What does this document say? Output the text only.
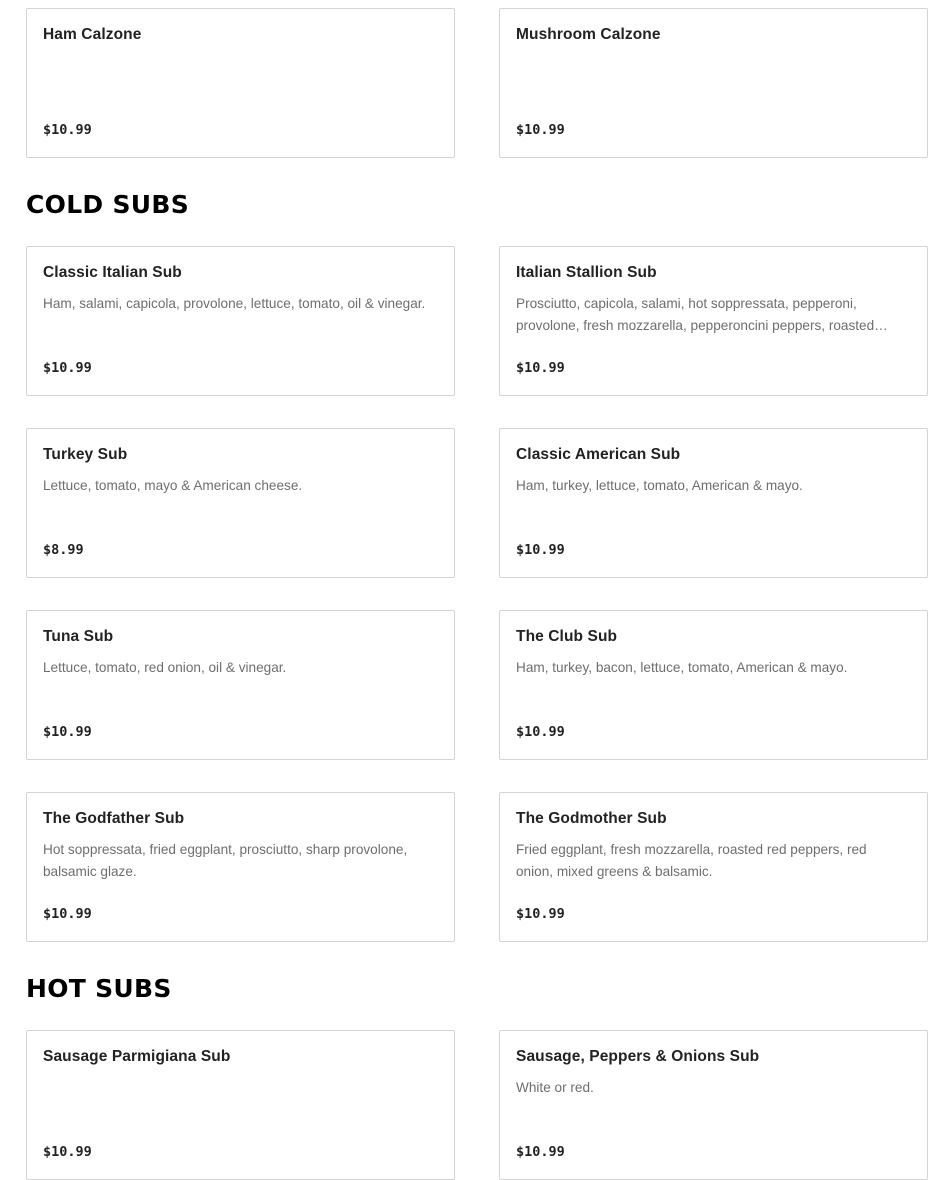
Ham Calzone
$10.99
Mushroom Calzone
$10.99
COLD SUBS
Classic Italian Sub
Ham, salami, capicola, provolone, lettuce, tomato, oil & vinegar.
$10.99
Italian Stallion Sub
Prosciutto, capicola, salami, hot soppressata, pepperoni, provolone, fresh mozzarella, pepperoncini peppers, roasted…
$10.99
Turkey Sub
Lettuce, tomato, mayo & American cheese.
$8.99
Classic American Sub
Ham, turkey, lettuce, tomato, American & mayo.
$10.99
Tuna Sub
Lettuce, tomato, red onion, oil & vinegar.
$10.99
The Club Sub
Ham, turkey, bacon, lettuce, tomato, American & mayo.
$10.99
The Godfather Sub
Hot soppressata, fried eggplant, prosciutto, sharp provolone, balsamic glaze.
$10.99
The Godmother Sub
Fried eggplant, fresh mozzarella, roasted red peppers, red onion, mixed greens & balsamic.
$10.99
HOT SUBS
Sausage Parmigiana Sub
$10.99
Sausage, Peppers & Onions Sub
White or red.
$10.99
